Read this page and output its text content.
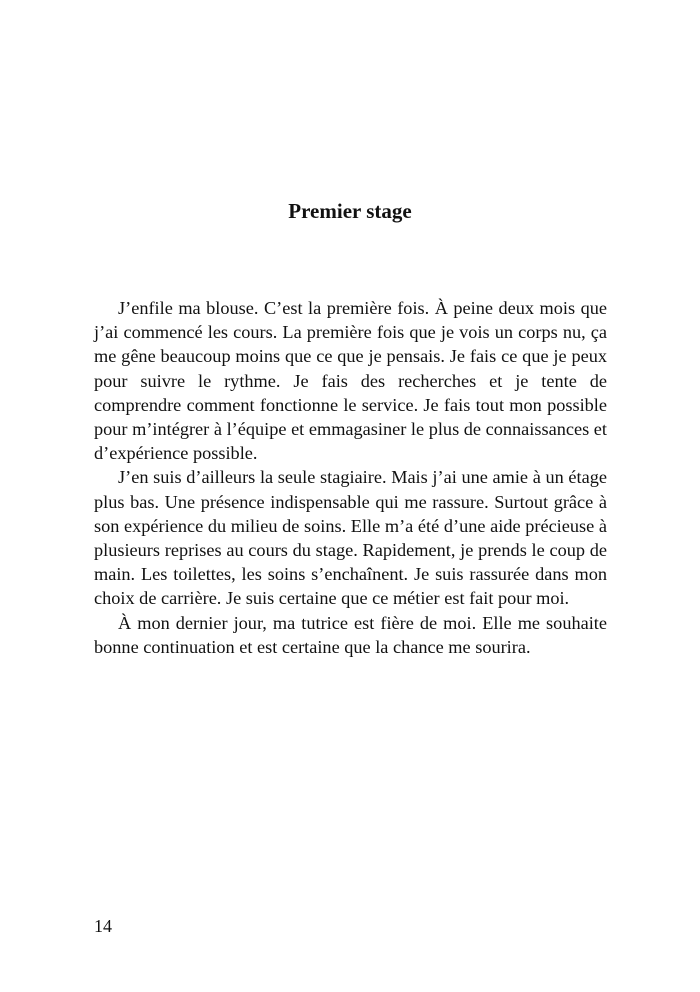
Premier stage

J’enfile ma blouse. C’est la première fois. À peine deux mois que j’ai commencé les cours. La première fois que je vois un corps nu, ça me gêne beaucoup moins que ce que je pensais. Je fais ce que je peux pour suivre le rythme. Je fais des recherches et je tente de comprendre comment fonctionne le service. Je fais tout mon possible pour m’intégrer à l’équipe et emmagasiner le plus de connaissances et d’expérience possible.

J’en suis d’ailleurs la seule stagiaire. Mais j’ai une amie à un étage plus bas. Une présence indispensable qui me rassure. Surtout grâce à son expérience du milieu de soins. Elle m’a été d’une aide précieuse à plusieurs reprises au cours du stage. Rapidement, je prends le coup de main. Les toilettes, les soins s’enchaînent. Je suis rassurée dans mon choix de carrière. Je suis certaine que ce métier est fait pour moi.

À mon dernier jour, ma tutrice est fière de moi. Elle me souhaite bonne continuation et est certaine que la chance me sourira.

14
